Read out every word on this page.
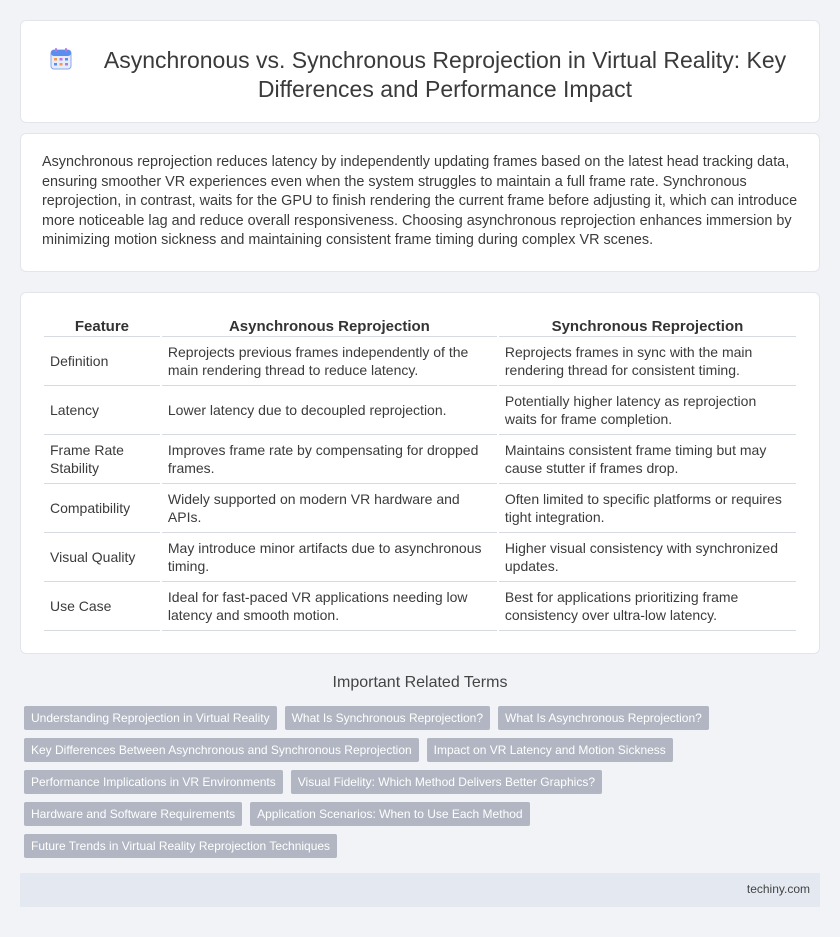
Asynchronous vs. Synchronous Reprojection in Virtual Reality: Key Differences and Performance Impact

Asynchronous reprojection reduces latency by independently updating frames based on the latest head tracking data, ensuring smoother VR experiences even when the system struggles to maintain a full frame rate. Synchronous reprojection, in contrast, waits for the GPU to finish rendering the current frame before adjusting it, which can introduce more noticeable lag and reduce overall responsiveness. Choosing asynchronous reprojection enhances immersion by minimizing motion sickness and maintaining consistent frame timing during complex VR scenes.

Feature	Asynchronous Reprojection	Synchronous Reprojection
Definition	Reprojects previous frames independently of the main rendering thread to reduce latency.	Reprojects frames in sync with the main rendering thread for consistent timing.
Latency	Lower latency due to decoupled reprojection.	Potentially higher latency as reprojection waits for frame completion.
Frame Rate Stability	Improves frame rate by compensating for dropped frames.	Maintains consistent frame timing but may cause stutter if frames drop.
Compatibility	Widely supported on modern VR hardware and APIs.	Often limited to specific platforms or requires tight integration.
Visual Quality	May introduce minor artifacts due to asynchronous timing.	Higher visual consistency with synchronized updates.
Use Case	Ideal for fast-paced VR applications needing low latency and smooth motion.	Best for applications prioritizing frame consistency over ultra-low latency.
Important Related Terms
Understanding Reprojection in Virtual Reality	What Is Synchronous Reprojection?	What Is Asynchronous Reprojection?
Key Differences Between Asynchronous and Synchronous Reprojection	Impact on VR Latency and Motion Sickness
Performance Implications in VR Environments	Visual Fidelity: Which Method Delivers Better Graphics?
Hardware and Software Requirements	Application Scenarios: When to Use Each Method
Future Trends in Virtual Reality Reprojection Techniques
techiny.com
